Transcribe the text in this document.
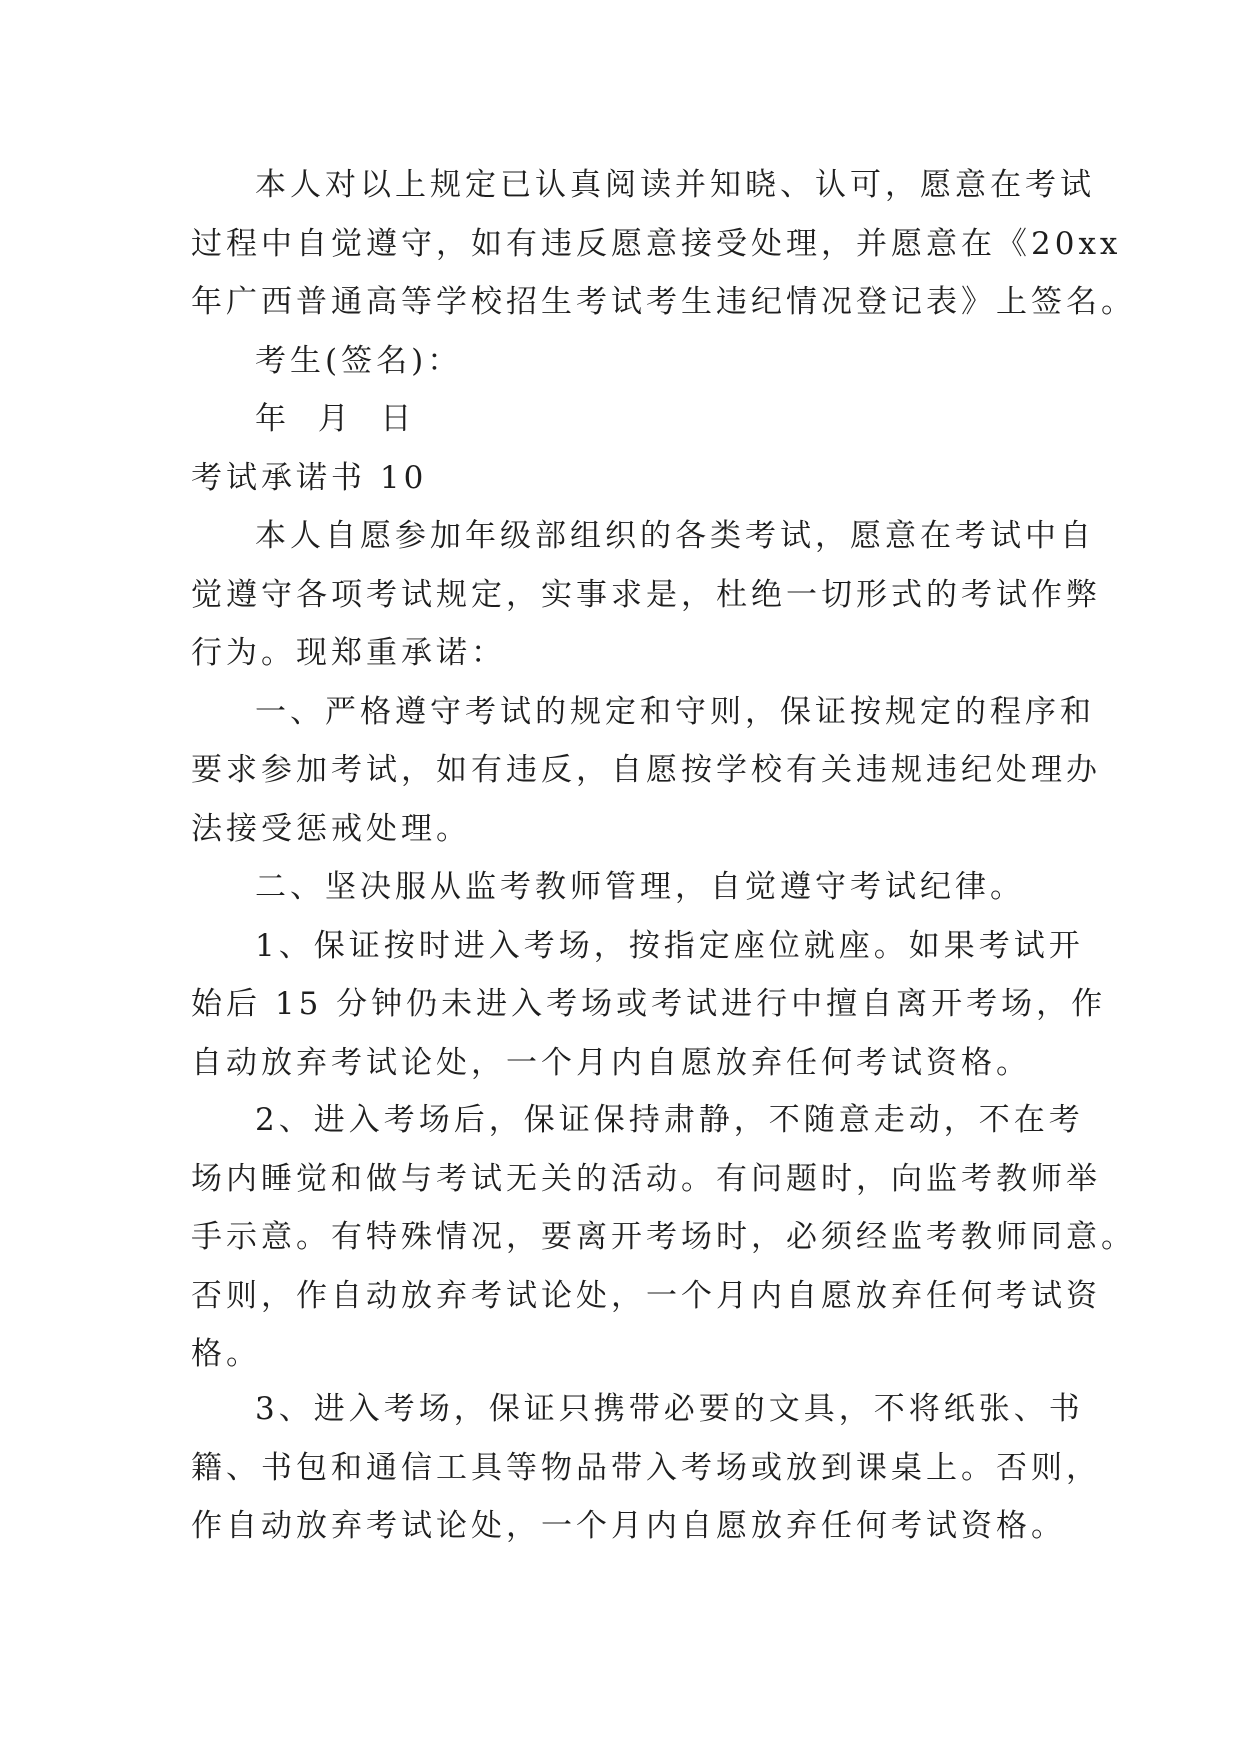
本人对以上规定已认真阅读并知晓、认可，愿意在考试
过程中自觉遵守，如有违反愿意接受处理，并愿意在《20xx
年广西普通高等学校招生考试考生违纪情况登记表》上签名。
考生(签名)：
年  月  日
考试承诺书 10
本人自愿参加年级部组织的各类考试，愿意在考试中自
觉遵守各项考试规定，实事求是，杜绝一切形式的考试作弊
行为。现郑重承诺：
一、严格遵守考试的规定和守则，保证按规定的程序和
要求参加考试，如有违反，自愿按学校有关违规违纪处理办
法接受惩戒处理。
二、坚决服从监考教师管理，自觉遵守考试纪律。
1、保证按时进入考场，按指定座位就座。如果考试开
始后 15 分钟仍未进入考场或考试进行中擅自离开考场，作
自动放弃考试论处，一个月内自愿放弃任何考试资格。
2、进入考场后，保证保持肃静，不随意走动，不在考
场内睡觉和做与考试无关的活动。有问题时，向监考教师举
手示意。有特殊情况，要离开考场时，必须经监考教师同意。
否则，作自动放弃考试论处，一个月内自愿放弃任何考试资
格。
3、进入考场，保证只携带必要的文具，不将纸张、书
籍、书包和通信工具等物品带入考场或放到课桌上。否则，
作自动放弃考试论处，一个月内自愿放弃任何考试资格。
